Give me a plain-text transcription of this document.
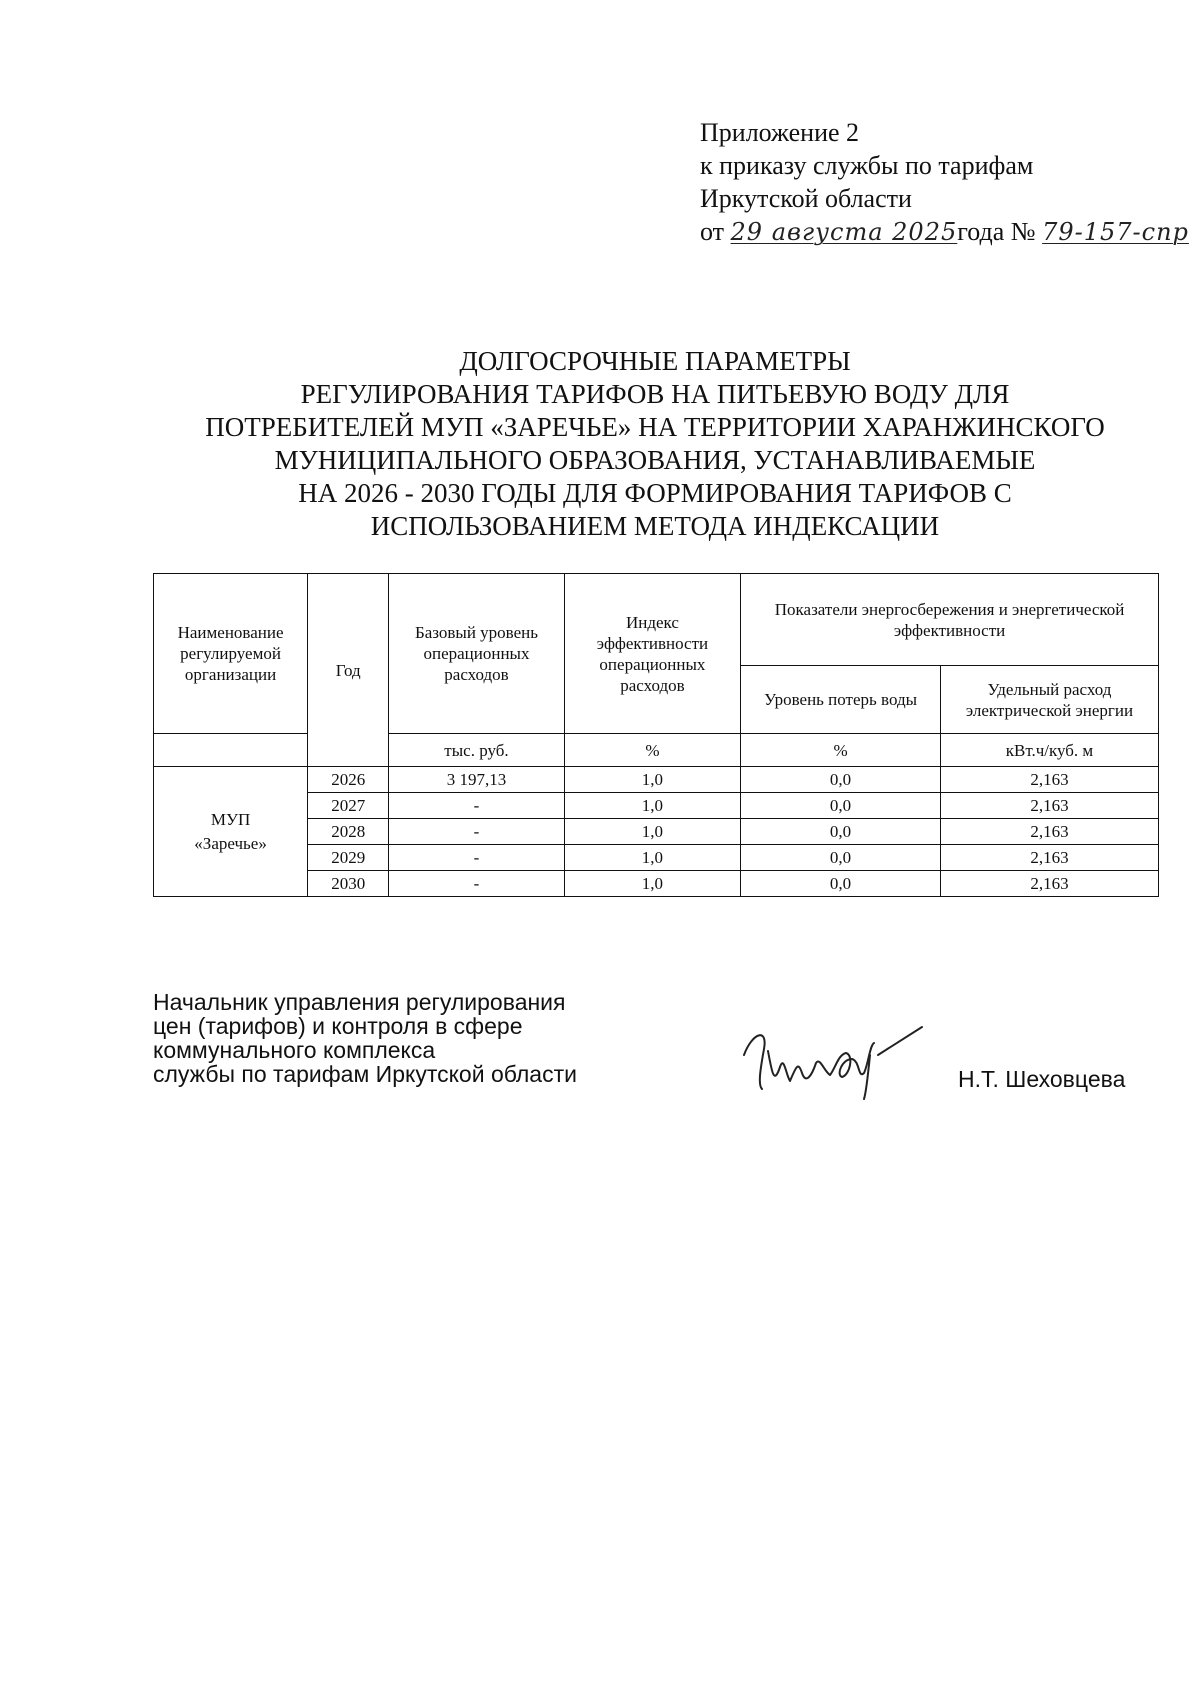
Приложение 2
к приказу службы по тарифам
Иркутской области
от 29 августа 2025года № 79-157-спр
ДОЛГОСРОЧНЫЕ ПАРАМЕТРЫ
РЕГУЛИРОВАНИЯ ТАРИФОВ НА ПИТЬЕВУЮ ВОДУ ДЛЯ
ПОТРЕБИТЕЛЕЙ МУП «ЗАРЕЧЬЕ» НА ТЕРРИТОРИИ ХАРАНЖИНСКОГО
МУНИЦИПАЛЬНОГО ОБРАЗОВАНИЯ, УСТАНАВЛИВАЕМЫЕ
НА 2026 - 2030 ГОДЫ ДЛЯ ФОРМИРОВАНИЯ ТАРИФОВ С
ИСПОЛЬЗОВАНИЕМ МЕТОДА ИНДЕКСАЦИИ
Наименование регулируемой организации	Год	Базовый уровень операционных расходов	Индекс эффективности операционных расходов	Показатели энергосбережения и энергетической эффективности	
				Уровень потерь воды	Удельный расход электрической энергии
		тыс. руб.	%	%	кВт.ч/куб. м

МУП
«Заречье»	2026	3 197,13	1,0	0,0	2,163
	2027	-	1,0	0,0	2,163
	2028	-	1,0	0,0	2,163
	2029	-	1,0	0,0	2,163
	2030	-	1,0	0,0	2,163
Начальник управления регулирования
цен (тарифов) и контроля в сфере
коммунального комплекса
службы по тарифам Иркутской области	Н.Т. Шеховцева
